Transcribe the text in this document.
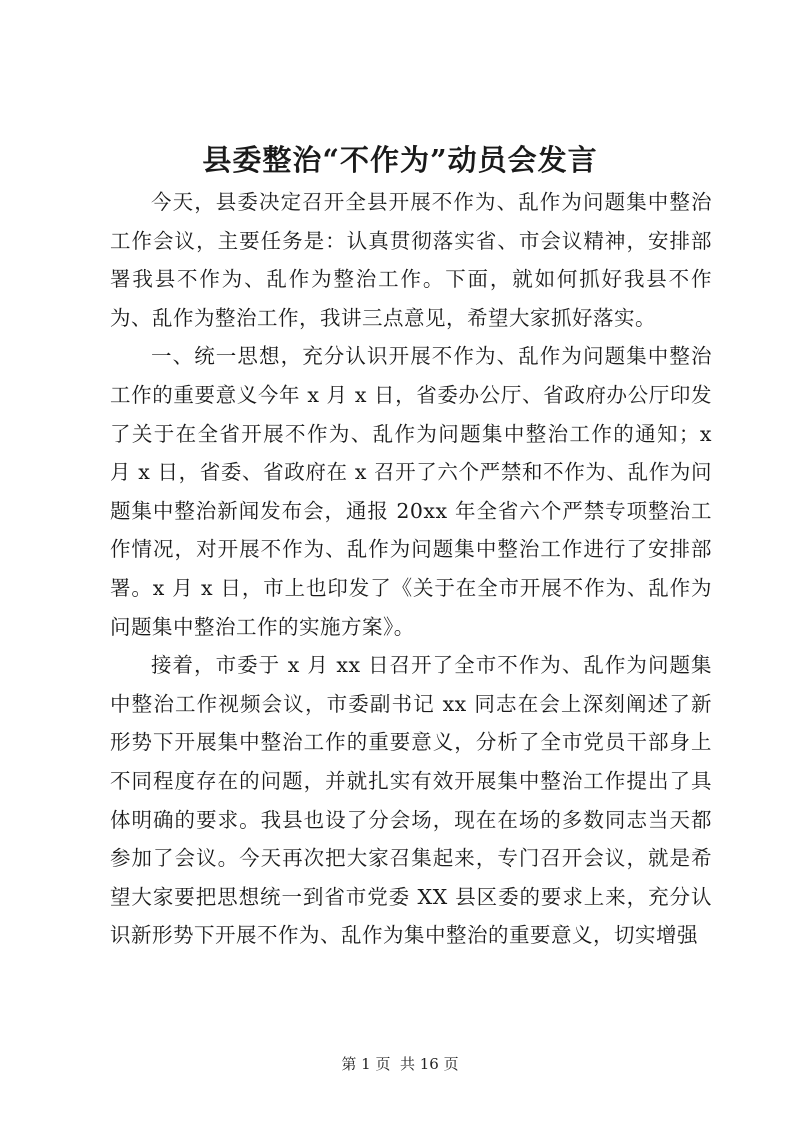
县委整治“不作为”动员会发言

今天，县委决定召开全县开展不作为、乱作为问题集中整治工作会议，主要任务是：认真贯彻落实省、市会议精神，安排部署我县不作为、乱作为整治工作。下面，就如何抓好我县不作为、乱作为整治工作，我讲三点意见，希望大家抓好落实。

一、统一思想，充分认识开展不作为、乱作为问题集中整治工作的重要意义今年 x 月 x 日，省委办公厅、省政府办公厅印发了关于在全省开展不作为、乱作为问题集中整治工作的通知；x 月 x 日，省委、省政府在 x 召开了六个严禁和不作为、乱作为问题集中整治新闻发布会，通报 20xx 年全省六个严禁专项整治工作情况，对开展不作为、乱作为问题集中整治工作进行了安排部署。x 月 x 日，市上也印发了《关于在全市开展不作为、乱作为问题集中整治工作的实施方案》。

接着，市委于 x 月 xx 日召开了全市不作为、乱作为问题集中整治工作视频会议，市委副书记 xx 同志在会上深刻阐述了新形势下开展集中整治工作的重要意义，分析了全市党员干部身上不同程度存在的问题，并就扎实有效开展集中整治工作提出了具体明确的要求。我县也设了分会场，现在在场的多数同志当天都参加了会议。今天再次把大家召集起来，专门召开会议，就是希望大家要把思想统一到省市党委 XX 县区委的要求上来，充分认识新形势下开展不作为、乱作为集中整治的重要意义，切实增强

第 1 页  共 16 页
